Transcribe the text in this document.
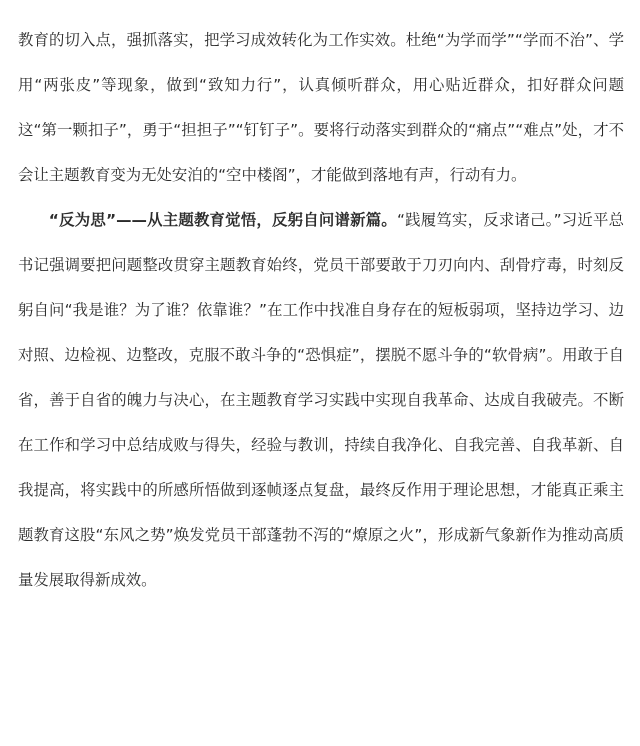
教育的切入点，强抓落实，把学习成效转化为工作实效。杜绝“为学而学”“学而不治”、学用“两张皮”等现象，做到“致知力行”，认真倾听群众，用心贴近群众，扣好群众问题这“第一颗扣子”，勇于“担担子”“钉钉子”。要将行动落实到群众的“痛点”“难点”处，才不会让主题教育变为无处安泊的“空中楼阁”，才能做到落地有声，行动有力。

“反为思”——从主题教育觉悟，反躬自问谱新篇。“践履笃实，反求诸己。”习近平总书记强调要把问题整改贯穿主题教育始终，党员干部要敢于刀刃向内、刮骨疗毒，时刻反躬自问“我是谁？为了谁？依靠谁？”在工作中找准自身存在的短板弱项，坚持边学习、边对照、边检视、边整改，克服不敢斗争的“恐惧症”，摆脱不愿斗争的“软骨病”。用敢于自省，善于自省的魄力与决心，在主题教育学习实践中实现自我革命、达成自我破壳。不断在工作和学习中总结成败与得失，经验与教训，持续自我净化、自我完善、自我革新、自我提高，将实践中的所感所悟做到逐帧逐点复盘，最终反作用于理论思想，才能真正乘主题教育这股“东风之势”焕发党员干部蓬勃不泻的“燎原之火”，形成新气象新作为推动高质量发展取得新成效。
